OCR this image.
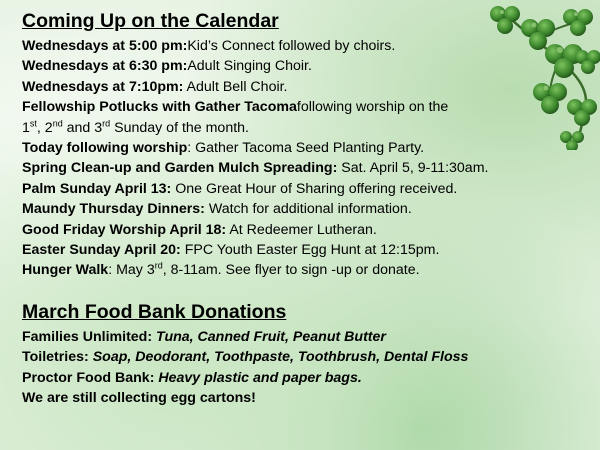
Coming Up on the Calendar
Wednesdays at 5:00 pm:Kid’s Connect followed by choirs.
Wednesdays at 6:30 pm:Adult Singing Choir.
Wednesdays at 7:10pm: Adult Bell Choir.
Fellowship Potlucks with Gather Tacomafollowing worship on the
1st, 2nd and 3rd Sunday of the month.
Today following worship: Gather Tacoma Seed Planting Party.
Spring Clean-up and Garden Mulch Spreading: Sat. April 5, 9-11:30am.
Palm Sunday April 13: One Great Hour of Sharing offering received.
Maundy Thursday Dinners: Watch for additional information.
Good Friday Worship April 18: At Redeemer Lutheran.
Easter Sunday April 20: FPC Youth Easter Egg Hunt at 12:15pm.
Hunger Walk: May 3rd, 8-11am. See flyer to sign -up or donate.
March Food Bank Donations
Families Unlimited: Tuna, Canned Fruit, Peanut Butter
Toiletries: Soap, Deodorant, Toothpaste, Toothbrush, Dental Floss
Proctor Food Bank: Heavy plastic and paper bags.
We are still collecting egg cartons!
